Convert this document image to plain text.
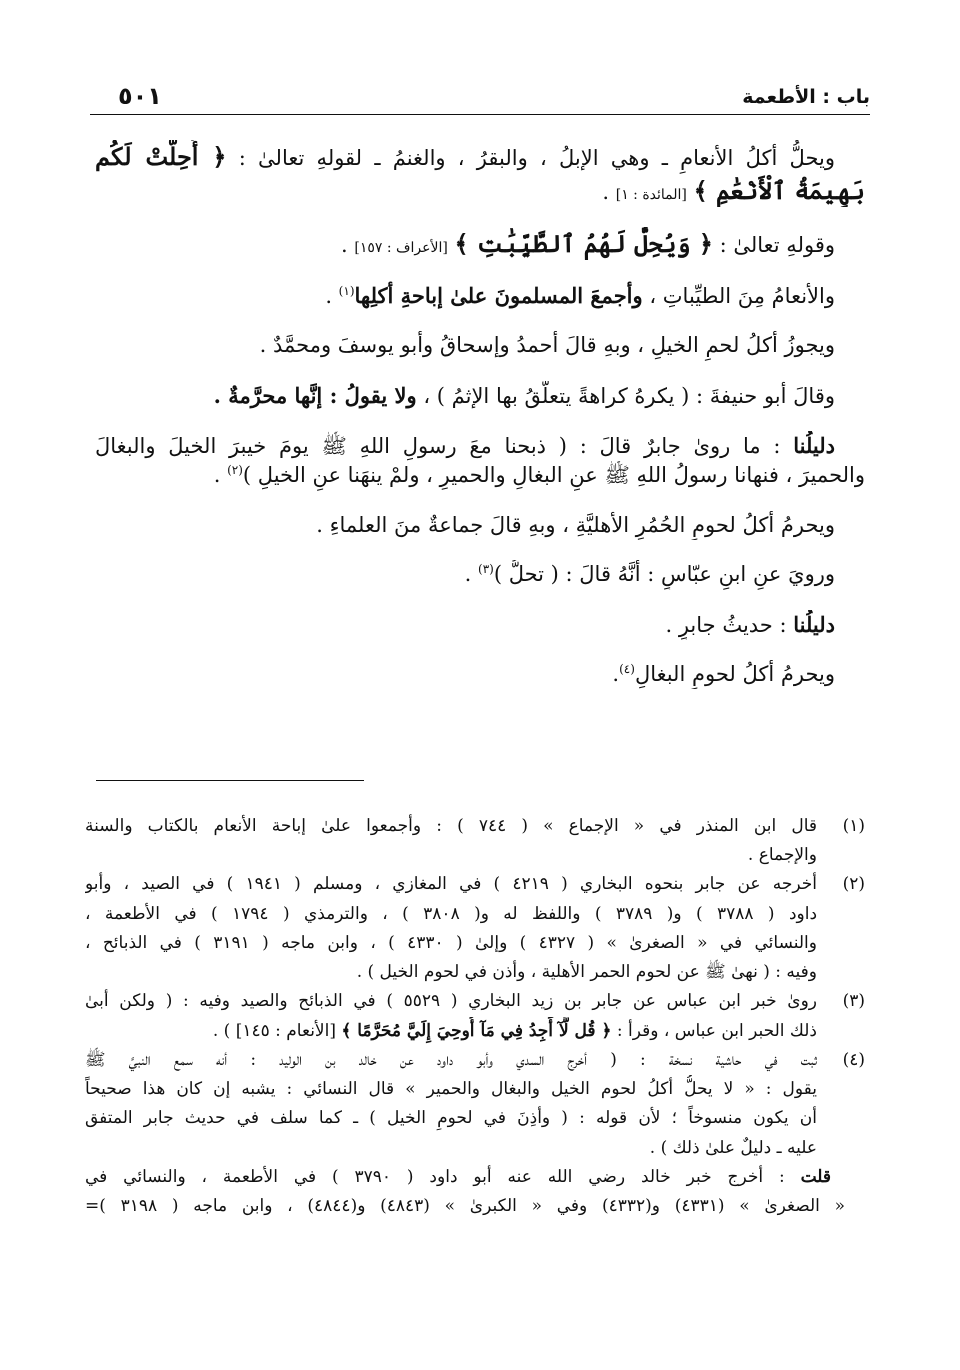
باب : الأطعمة
٥٠١
ويحلُّ أكلُ الأنعامِ ـ وهي الإبلُ ، والبقرُ ، والغنمُ ـ لقولهِ تعالىٰ : ﴿ أُحِلَّتْ لَكُم
بَهِيمَةُ ٱلْأَنْعَٰمِ ﴾ [المائدة : ١] .
وقولهِ تعالىٰ : ﴿ وَيُحِلُّ لَهُمُ ٱلطَّيِّبَٰتِ ﴾ [الأعراف : ١٥٧] .
والأنعامُ مِنَ الطيِّباتِ ، وأجمعَ المسلمونَ علىٰ إباحةِ أكلِها$^{(١)}$ .
ويجوزُ أكلُ لحمِ الخيلِ ، وبهِ قالَ أحمدُ وإسحاقُ وأبو يوسفَ ومحمَّدٌ .
وقالَ أبو حنيفةَ : ( يكرهُ كراهةً يتعلَّقُ بها الإثمُ ) ، ولا يقولُ : إنَّها محرَّمةٌ .
دليلُنا : ما روىٰ جابرٌ قالَ : ( ذبحنا معَ رسولِ اللهِ ﷺ يومَ خيبرَ الخيلَ والبغالَ
والحميرَ ، فنهانا رسولُ اللهِ ﷺ عنِ البغالِ والحميرِ ، ولمْ ينهَنا عنِ الخيلِ )$^{(٢)}$ .
ويحرمُ أكلُ لحومِ الحُمُرِ الأهليَّةِ ، وبهِ قالَ جماعةٌ منَ العلماءِ .
ورويَ عنِ ابنِ عبّاسٍ : أنَّهُ قالَ : ( تحلُّ )$^{(٣)}$ .
دليلُنا : حديثُ جابرٍ .
ويحرمُ أكلُ لحومِ البغالِ$^{(٤)}$.
(١)
قال ابن المنذر في « الإجماع » ( ٧٤٤ ) : وأجمعوا علىٰ إباحة الأنعام بالكتاب والسنة
والإجماع .
(٢)
أخرجه عن جابر بنحوه البخاري ( ٤٢١٩ ) في المغازي ، ومسلم ( ١٩٤١ ) في الصيد ، وأبو
داود ( ٣٧٨٨ ) و( ٣٧٨٩ ) واللفظ له و( ٣٨٠٨ ) ، والترمذي ( ١٧٩٤ ) في الأطعمة ،
والنسائي في « الصغرىٰ » ( ٤٣٢٧ ) وإلىٰ ( ٤٣٣٠ ) ، وابن ماجه ( ٣١٩١ ) في الذبائح ،
وفيه : ( نهىٰ ﷺ عن لحوم الحمر الأهلية ، وأذن في لحوم الخيل ) .
(٣)
روىٰ خبر ابن عباس عن جابر بن زيد البخاري ( ٥٥٢٩ ) في الذبائح والصيد وفيه : ( ولكن أبىٰ
ذلك الحبر ابن عباس ، وقرأ : ﴿ قُل لَّآ أَجِدُ فِي مَآ أُوحِيَ إِلَيَّ مُحَرَّمًا ﴾ [الأنعام : ١٤٥] ) .
(٤)
ثبت في حاشية نسخة : ( أخرج السدي وأبو داود عن خالد بن الوليد : أنه سمع النبيَّ ﷺ
يقول : « لا يحلُّ أكلُ لحوم الخيل والبغال والحمير » قال النسائي : يشبه إن كان هذا صحيحاً
أن يكون منسوخاً ؛ لأن قوله : ( وأذِنَ في لحومِ الخيل ) ـ كما سلف في حديث جابر المتفق
عليه ـ دليلٌ علىٰ ذلك ) .
قلت : أخرج خبر خالد رضي الله عنه أبو داود ( ٣٧٩٠ ) في الأطعمة ، والنسائي في
« الصغرىٰ » (٤٣٣١) و(٤٣٣٢) وفي « الكبرىٰ » (٤٨٤٣) و(٤٨٤٤) ، وابن ماجه ( ٣١٩٨ )=
